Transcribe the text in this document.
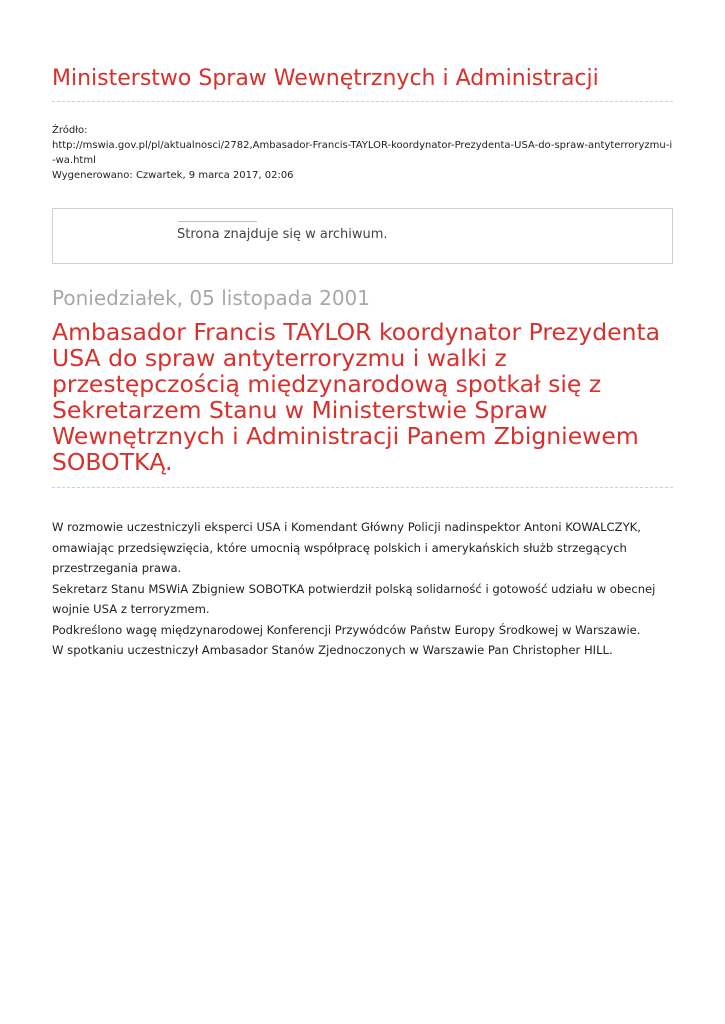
Ministerstwo Spraw Wewnętrznych i Administracji
Źródło:
http://mswia.gov.pl/pl/aktualnosci/2782,Ambasador-Francis-TAYLOR-koordynator-Prezydenta-USA-do-spraw-antyterroryzmu-i-wa.html
Wygenerowano: Czwartek, 9 marca 2017, 02:06
Strona znajduje się w archiwum.
Poniedziałek, 05 listopada 2001
Ambasador Francis TAYLOR koordynator Prezydenta USA do spraw antyterroryzmu i walki z przestępczością międzynarodową spotkał się z Sekretarzem Stanu w Ministerstwie Spraw Wewnętrznych i Administracji Panem Zbigniewem SOBOTKĄ.

W rozmowie uczestniczyli eksperci USA i Komendant Główny Policji nadinspektor Antoni KOWALCZYK, omawiając przedsięwzięcia, które umocnią współpracę polskich i amerykańskich służb strzegących przestrzegania prawa.

Sekretarz Stanu MSWiA Zbigniew SOBOTKA potwierdził polską solidarność i gotowość udziału w obecnej wojnie USA z terroryzmem.

Podkreślono wagę międzynarodowej Konferencji Przywódców Państw Europy Środkowej w Warszawie.

W spotkaniu uczestniczył Ambasador Stanów Zjednoczonych w Warszawie Pan Christopher HILL.
